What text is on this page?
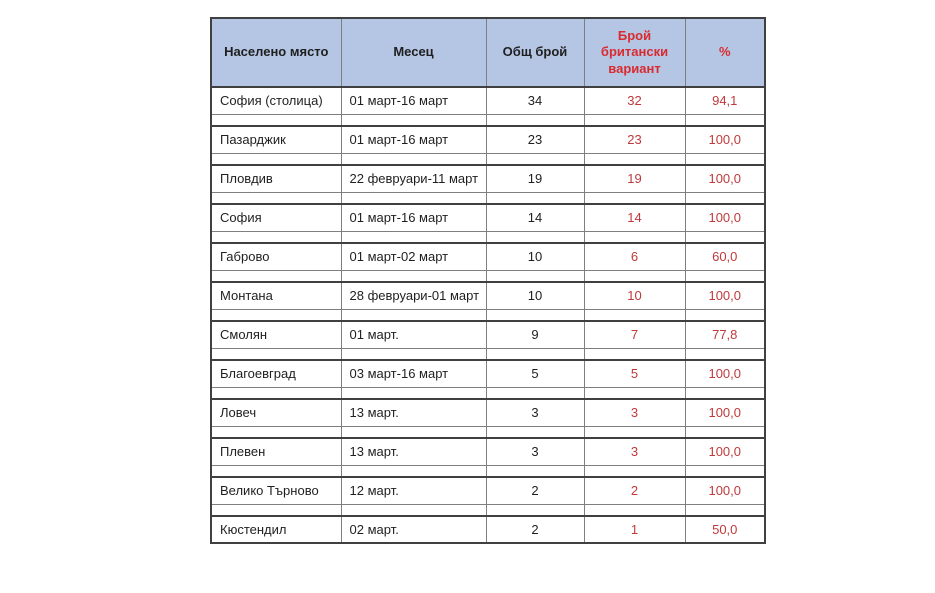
Населено място	Месец	Общ брой	Брой британски вариант	%
София (столица)	01 март-16 март	34	32	94,1

Пазарджик	01 март-16 март	23	23	100,0

Пловдив	22 февруари-11 март	19	19	100,0

София	01 март-16 март	14	14	100,0

Габрово	01 март-02 март	10	6	60,0

Монтана	28 февруари-01 март	10	10	100,0

Смолян	01 март.	9	7	77,8

Благоевград	03 март-16 март	5	5	100,0

Ловеч	13 март.	3	3	100,0

Плевен	13 март.	3	3	100,0

Велико Търново	12 март.	2	2	100,0

Кюстендил	02 март.	2	1	50,0
